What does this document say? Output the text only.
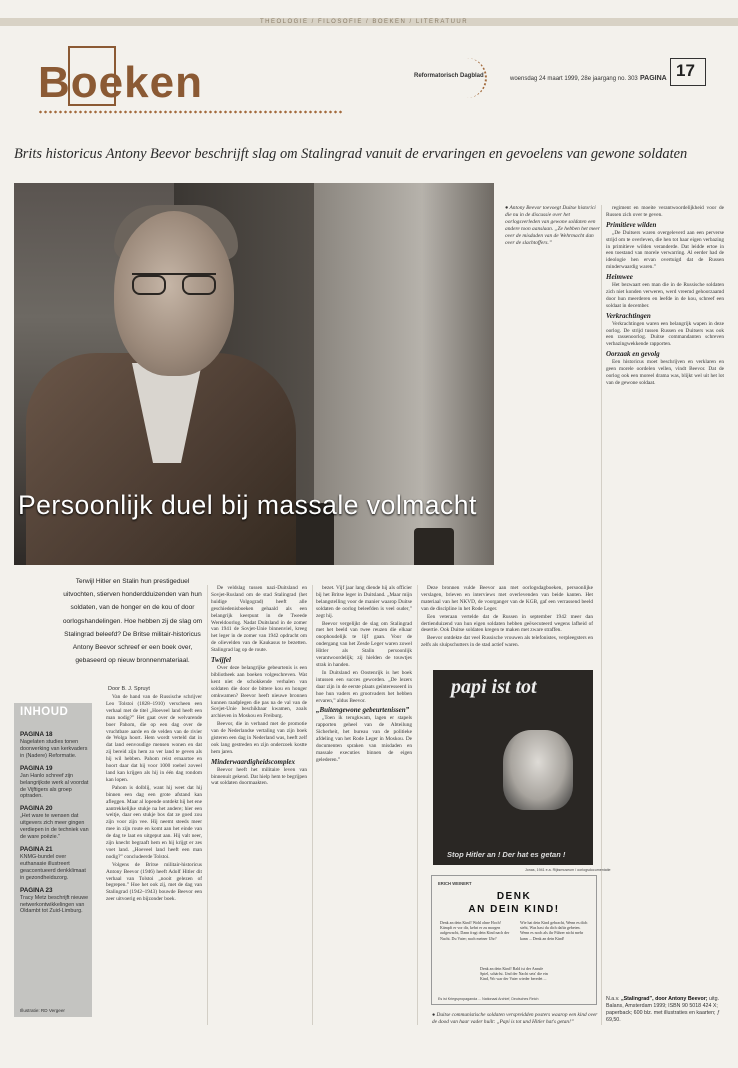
THEOLOGIE / FILOSOFIE / BOEKEN / LITERATUUR
Boeken	Reformatorisch Dagblad	woensdag 24 maart 1999, 28e jaargang no. 303 PAGINA 17
Brits historicus Antony Beevor beschrijft slag om Stalingrad vanuit de ervaringen en gevoelens van gewone soldaten
Persoonlijk duel bij massale volmacht
● Antony Beevor toevoegt Duitse historici die nu in de discussie over het oorlogsverleden van gewone soldaten een andere toon aanslaan. „Ze hebben het meer over de misdaden van de Wehrmacht dan over de slachtoffers.”
Terwijl Hitler en Stalin hun prestigeduel uitvochten, stierven honderdduizenden van hun soldaten, van de honger en de kou of door oorlogshandelingen. Hoe hebben zij de slag om Stalingrad beleefd? De Britse militair-historicus Antony Beevor schreef er een boek over, gebaseerd op nieuw bronnenmateriaal.
Door B. J. Spruyt
INHOUD
PAGINA 18
Nagelaten studies tonen doorwerking van kerkvaders in (Nadere) Reformatie.
PAGINA 19
Jan Hanlo schreef zijn belangrijkste werk al voordat de Vijftigers als groep optraden.
PAGINA 20
„Het ware te wensen dat uitgevers zich meer gingen verdiepen in de techniek van de ware poëzie.”
PAGINA 21
KNMG-bundel over euthanasie illustreert geaccentueerd denkklimaat in gezondheidszorg.
PAGINA 23
Tracy Metz beschrijft nieuwe netwerkontwikkelingen van Oldambt tot Zuid-Limburg.
Illustratie: RD Vergeer

Van de hand van de Russische schrijver Leo Tolstoi (1828–1910) verscheen een verhaal met de titel „Hoeveel land heeft een man nodig?” Het gaat over de welvarende boer Pahom, die op een dag over de vruchtbare aarde en de velden van de rivier de Wolga hoort. Hem wordt verteld dat in dat land eenvoudige mensen wonen en dat zij bereid zijn hem zo ver land te geven als hij wil hebben. Pahom reist ernaartoe en hoort daar dat hij voor 1000 roebel zoveel land kan krijgen als hij in één dag rondom kan lopen.

Pahom is dolblij, want hij weet dat hij binnen een dag een grote afstand kan afleggen. Maar al lopende ontdekt hij het ene aantrekkelijke stukje na het andere; hier een weitje, daar een stukje bos dat ze goed zou zijn voor zijn vee. Hij neemt steeds meer mee in zijn route en komt aan het einde van de dag te laat en uitgeput aan. Hij valt neer, zijn knecht begraaft hem en hij krijgt er zes voet land. „Hoeveel land heeft een man nodig?” concludeerde Tolstoi.

Volgens de Britse militair-historicus Antony Beevor (1946) heeft Adolf Hitler dit verhaal van Tolstoi „nooit gelezen of begrepen.” Hoe het ook zij, met de dag van Stalingrad (1942–1943) bouwde Beevor een zeer uitvoerig en bijzonder boek.

De veldslag tussen nazi-Duitsland en Sovjet-Rusland om de stad Stalingrad (het huidige Volgograd) heeft alle geschiedenisboeken gehaald als een belangrijk keerpunt in de Tweede Wereldoorlog. Nadat Duitsland in de zomer van 1941 de Sovjet-Unie binnenviel, kreeg het leger in de zomer van 1942 opdracht om de olievelden van de Kaukasus te bezetten. Stalingrad lag op de route.

Twijfel

Over deze belangrijke gebeurtenis is een bibliotheek aan boeken volgeschreven. Wat kent niet de schokkende verhalen van soldaten die door de bittere kou en honger omkwamen? Beevor heeft nieuwe bronnen kunnen raadplegen die pas na de val van de Sovjet-Unie beschikbaar kwamen, zoals archieven in Moskou en Freiburg.

Beevor, die in verband met de promotie van de Nederlandse vertaling van zijn boek gisteren een dag in Nederland was, heeft zelf ook lang gestreden en zijn onderzoek kostte hem jaren.

Minderwaardigheidscomplex

Beevor heeft het militaire leven van binnenuit gekend. Dat hielp hem te begrijpen wat soldaten doormaakten.

bezet. Vijf jaar lang diende hij als officier bij het Britse leger in Duitsland. „Maar mijn belangstelling voor de manier waarop Duitse soldaten de oorlog beleefden is veel ouder,” zegt hij.

Beevor vergelijkt de slag om Stalingrad met het beeld van twee reuzen die elkaar onophoudelijk te lijf gaan. Voor de ondergang van het Zesde Leger waren zowel Hitler als Stalin persoonlijk verantwoordelijk; zij hielden de touwtjes strak in handen.

In Duitsland en Oostenrijk is het boek intussen een succes geworden. „De lezers daar zijn in de eerste plaats geïnteresseerd in hoe hun vaders en grootvaders het hebben ervaren,” aldus Beevor.

„Buitengewone gebeurtenissen”

„Toen ik terugkwam, lagen er stapels rapporten geheel van de Abteilung Sicherheit, het bureau van de politieke afdeling van het Rode Leger in Moskou. De documenten spraken van misdaden en massale executies binnen de eigen gelederen.”

Deze bronnen vulde Beevor aan met oorlogsdagboeken, persoonlijke verslagen, brieven en interviews met overlevenden van beide kanten. Het materiaal van het NKVD, de voorganger van de KGB, gaf een verrassend beeld van de discipline in het Rode Leger.

Een veteraan vertelde dat de Russen in september 1942 meer dan dertienduizend van hun eigen soldaten hebben geëxecuteerd wegens lafheid of desertie. Ook Duitse soldaten kregen te maken met zware straffen.

Beevor ontdekte dat veel Russische vrouwen als telefonistes, verpleegsters en zelfs als sluipschutters in de stad actief waren.

regiment en moeite verantwoordelijkheid voor de Russen zich over te geven.

Primitieve wilden

„De Duitsers waren overgeleverd aan een perverse strijd om te overleven, die hen tot haar eigen verbazing in primitieve wilden veranderde. Dat leidde ertoe in een toestand van morele verwarring. Al eerder had de ideologie hen ervan overtuigd dat de Russen minderwaardig waren.”

Heimwee

Het bezwaart een man die in de Russische soldaten zich niet konden verweren, werd vreemd gehoorzaamd door hun meerderen en leefde in de kou, schreef een soldaat in december.

Verkrachtingen

Verkrachtingen waren een belangrijk wapen in deze oorlog. De strijd tussen Russen en Duitsers was ook een rassenoorlog. Duitse commandanten schreven verbazingwekkende rapporten.

Oorzaak en gevolg

Een historicus moet beschrijven en verklaren en geen morele oordelen vellen, vindt Beevor. Dat de oorlog ook een moreel drama was, blijkt wel uit het lot van de gewone soldaat.

papi ist tot
Stop Hitler an ! Der hat es getan !
Jonas, 1941 e.a. Rijksmuseum / oorlogsdocumentatie
ERICH WEINERT
DENK
AN DEIN KIND!
Denk an dein Kind! Wohl ohne Hoch! Kämpft er vor dir, kehrt er zu morgen aufgewacht, Dann fragt dein Kind nach der Nacht. Du Vater; nach meiner Uhr?
Wie hat dein Kind gebracht, Wenn es dich sieht, Was hast du dich dafür gebeten. Wenn es noch als ihr Führer nicht mehr kann ... Denk an dein Kind!
Denk an dein Kind! Bald ist der Anrufe Spiel, schärfst. Und der Nacht setz' die ein Kind, Wo war der Vater wieder beredet ...
Es ist Kriegspropaganda ... Nationaal Archief, Deutsches Reich
● Duitse communistische soldaten verspreidden posters waarop een kind over de dood van haar vader huilt: „Papi is tot und Hitler hat's getan!”
N.a.v. „Stalingrad”, door Antony Beevor; uitg. Balans, Amsterdam 1999; ISBN 90 5018 424 X; paperback; 600 blz. met illustraties en kaarten; ƒ 69,50.
